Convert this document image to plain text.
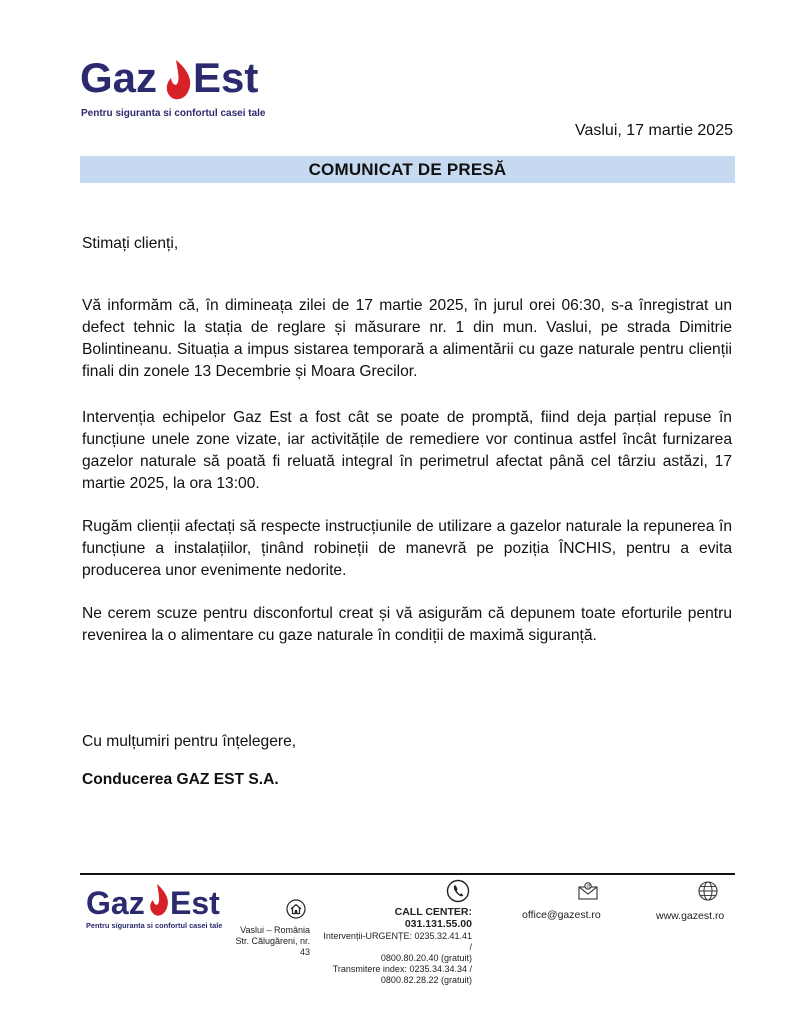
Gaz Est
Pentru siguranta si confortul casei tale
Vaslui, 17 martie 2025
COMUNICAT DE PRESĂ
Stimați clienți,

Vă informăm că, în dimineața zilei de 17 martie 2025, în jurul orei 06:30, s-a înregistrat un defect tehnic la stația de reglare și măsurare nr. 1 din mun. Vaslui, pe strada Dimitrie Bolintineanu. Situația a impus sistarea temporară a alimentării cu gaze naturale pentru clienții finali din zonele 13 Decembrie și Moara Grecilor.

Intervenția echipelor Gaz Est a fost cât se poate de promptă, fiind deja parțial repuse în funcțiune unele zone vizate, iar activitățile de remediere vor continua astfel încât furnizarea gazelor naturale să poată fi reluată integral în perimetrul afectat până cel târziu astăzi, 17 martie 2025, la ora 13:00.

Rugăm clienții afectați să respecte instrucțiunile de utilizare a gazelor naturale la repunerea în funcțiune a instalațiilor, ținând robineții de manevră pe poziția ÎNCHIS, pentru a evita producerea unor evenimente nedorite.

Ne cerem scuze pentru disconfortul creat și vă asigurăm că depunem toate eforturile pentru revenirea la o alimentare cu gaze naturale în condiții de maximă siguranță.

Cu mulțumiri pentru înțelegere,
Conducerea GAZ EST S.A.
Gaz Est
Pentru siguranta si confortul casei tale
@
Vaslui – România
Str. Călugăreni, nr.
43
CALL CENTER:
031.131.55.00
Intervenții-URGENȚE: 0235.32.41.41 /
0800.80.20.40 (gratuit)
Transmitere index: 0235.34.34.34 /
0800.82.28.22 (gratuit)
office@gazest.ro	www.gazest.ro
